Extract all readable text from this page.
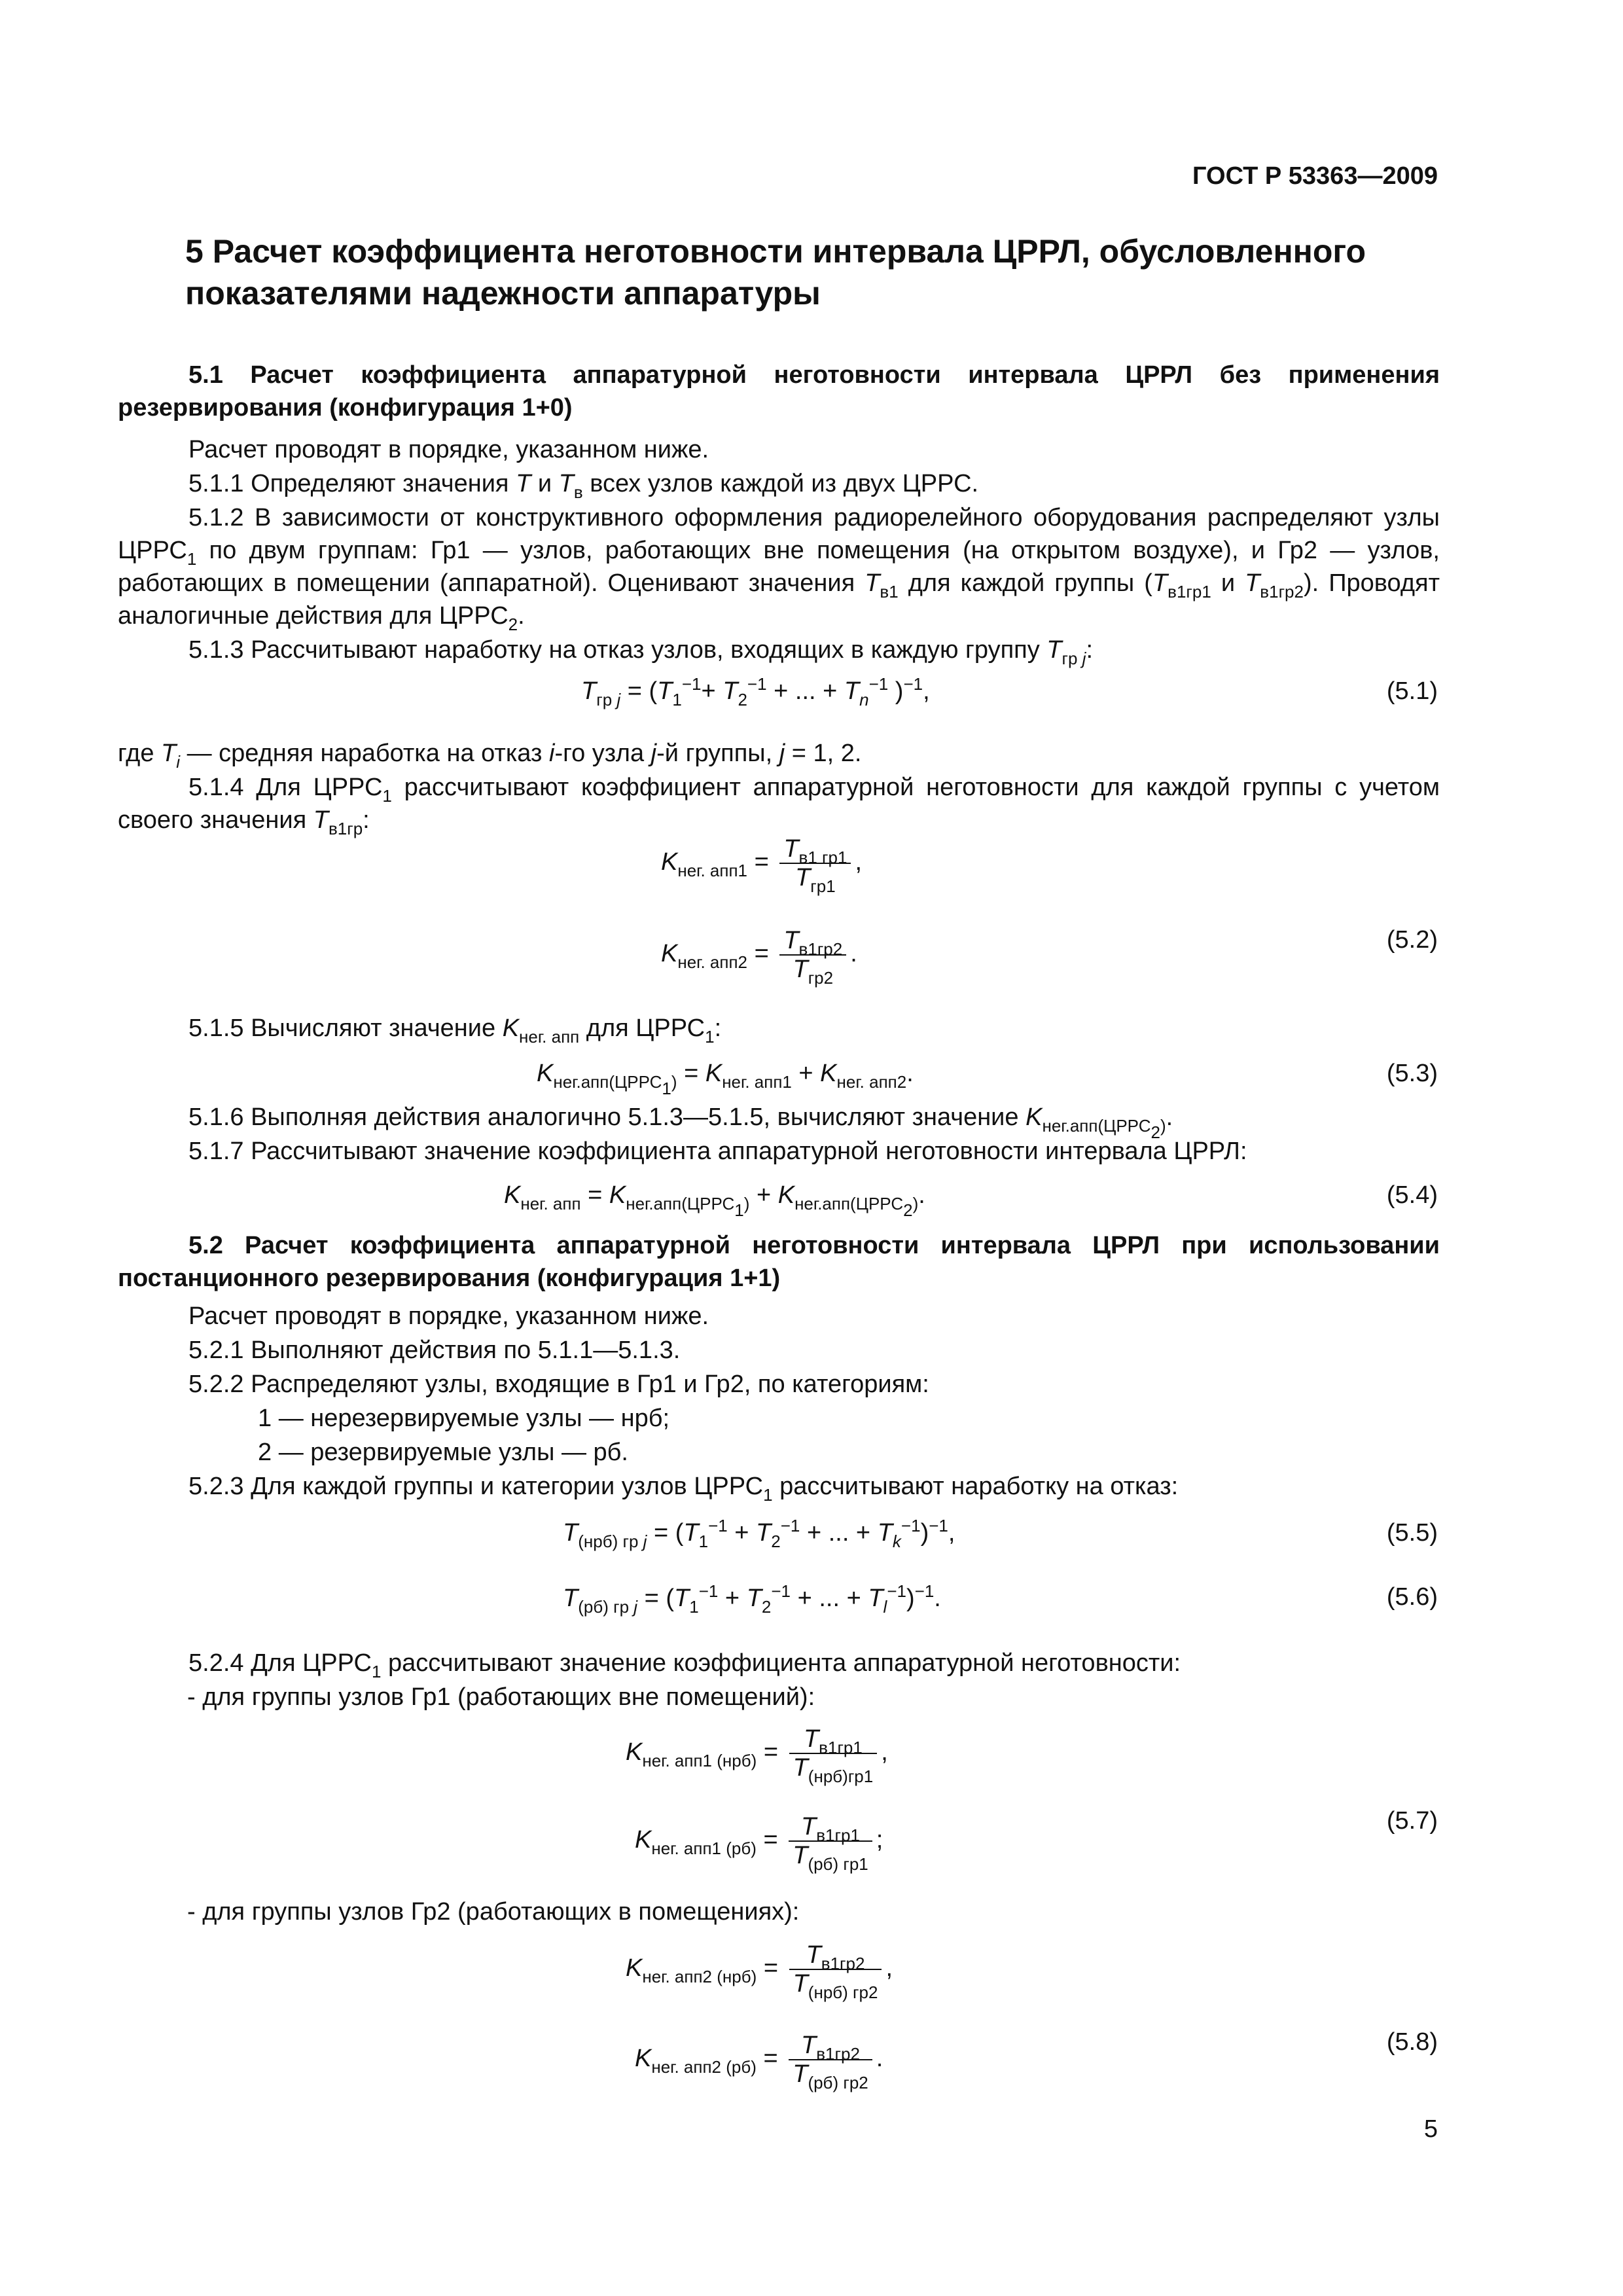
ГОСТ Р 53363—2009
5 Расчет коэффициента неготовности интервала ЦРРЛ, обусловленного показателями надежности аппаратуры
5.1 Расчет коэффициента аппаратурной неготовности интервала ЦРРЛ без применения резервирования (конфигурация 1+0)
Расчет проводят в порядке, указанном ниже.
5.1.1 Определяют значения T и $T_в$ всех узлов каждой из двух ЦРРС.
5.1.2 В зависимости от конструктивного оформления радиорелейного оборудования распределяют узлы $ЦРРС_1$ по двум группам: Гр1 — узлов, работающих вне помещения (на открытом воздухе), и Гр2 — узлов, работающих в помещении (аппаратной). Оценивают значения $T_{в1}$ для каждой группы ($T_{в1гр1}$ и $T_{в1гр2}$). Проводят аналогичные действия для $ЦРРС_2$.
5.1.3 Рассчитывают наработку на отказ узлов, входящих в каждую группу $T_{гр j}$:
$T_{гр j} = (T_1^{-1}+ T_2^{-1}$ + ... + $T_n^{-1}$ )$^{-1}$,	(5.1)
где $T_i$ — средняя наработка на отказ i-го узла j-й группы, j = 1, 2.
5.1.4 Для $ЦРРС_1$ рассчитывают коэффициент аппаратурной неготовности для каждой группы с учетом своего значения $T_{в1гр}$:
$K_{нег. апп1} = \frac{T_{в1 гр1}}{T_{гр1}}$ ,
$K_{нег. апп2} = \frac{T_{в1гр2}}{T_{гр2}}$ .
(5.2)
5.1.5 Вычисляют значение $K_{нег. апп}$ для $ЦРРС_1$:
$K_{нег.апп(ЦРРС_1)} = K_{нег. апп1} + K_{нег. апп2}$.	(5.3)
5.1.6 Выполняя действия аналогично 5.1.3—5.1.5, вычисляют значение $K_{нег.апп(ЦРРС_2)}$.
5.1.7 Рассчитывают значение коэффициента аппаратурной неготовности интервала ЦРРЛ:
$K_{нег. апп} = K_{нег.апп(ЦРРС_1)} + K_{нег.апп(ЦРРС_2)}$.	(5.4)
5.2 Расчет коэффициента аппаратурной неготовности интервала ЦРРЛ при использовании постанционного резервирования (конфигурация 1+1)
Расчет проводят в порядке, указанном ниже.
5.2.1 Выполняют действия по 5.1.1—5.1.3.
5.2.2 Распределяют узлы, входящие в Гр1 и Гр2, по категориям:
1 — нерезервируемые узлы — нрб;
2 — резервируемые узлы — рб.
5.2.3 Для каждой группы и категории узлов $ЦРРС_1$ рассчитывают наработку на отказ:
$T_{(нрб) гр j} = (T_1^{-1} + T_2^{-1}$ + ... + $T_k^{-1})^{-1}$,	(5.5)
$T_{(рб) гр j} = (T_1^{-1} + T_2^{-1}$ + ... + $T_l^{-1})^{-1}$.	(5.6)
5.2.4 Для $ЦРРС_1$ рассчитывают значение коэффициента аппаратурной неготовности:
- для группы узлов Гр1 (работающих вне помещений):
$K_{нег. апп1 (нрб)} = \frac{T_{в1гр1}}{T_{(нрб)гр1}}$ ,
$K_{нег. апп1 (рб)} = \frac{T_{в1гр1}}{T_{(рб) гр1}}$ ;
(5.7)
- для группы узлов Гр2 (работающих в помещениях):
$K_{нег. апп2 (нрб)} = \frac{T_{в1гр2}}{T_{(нрб) гр2}}$ ,
$K_{нег. апп2 (рб)} = \frac{T_{в1гр2}}{T_{(рб) гр2}}$ .
(5.8)
5
